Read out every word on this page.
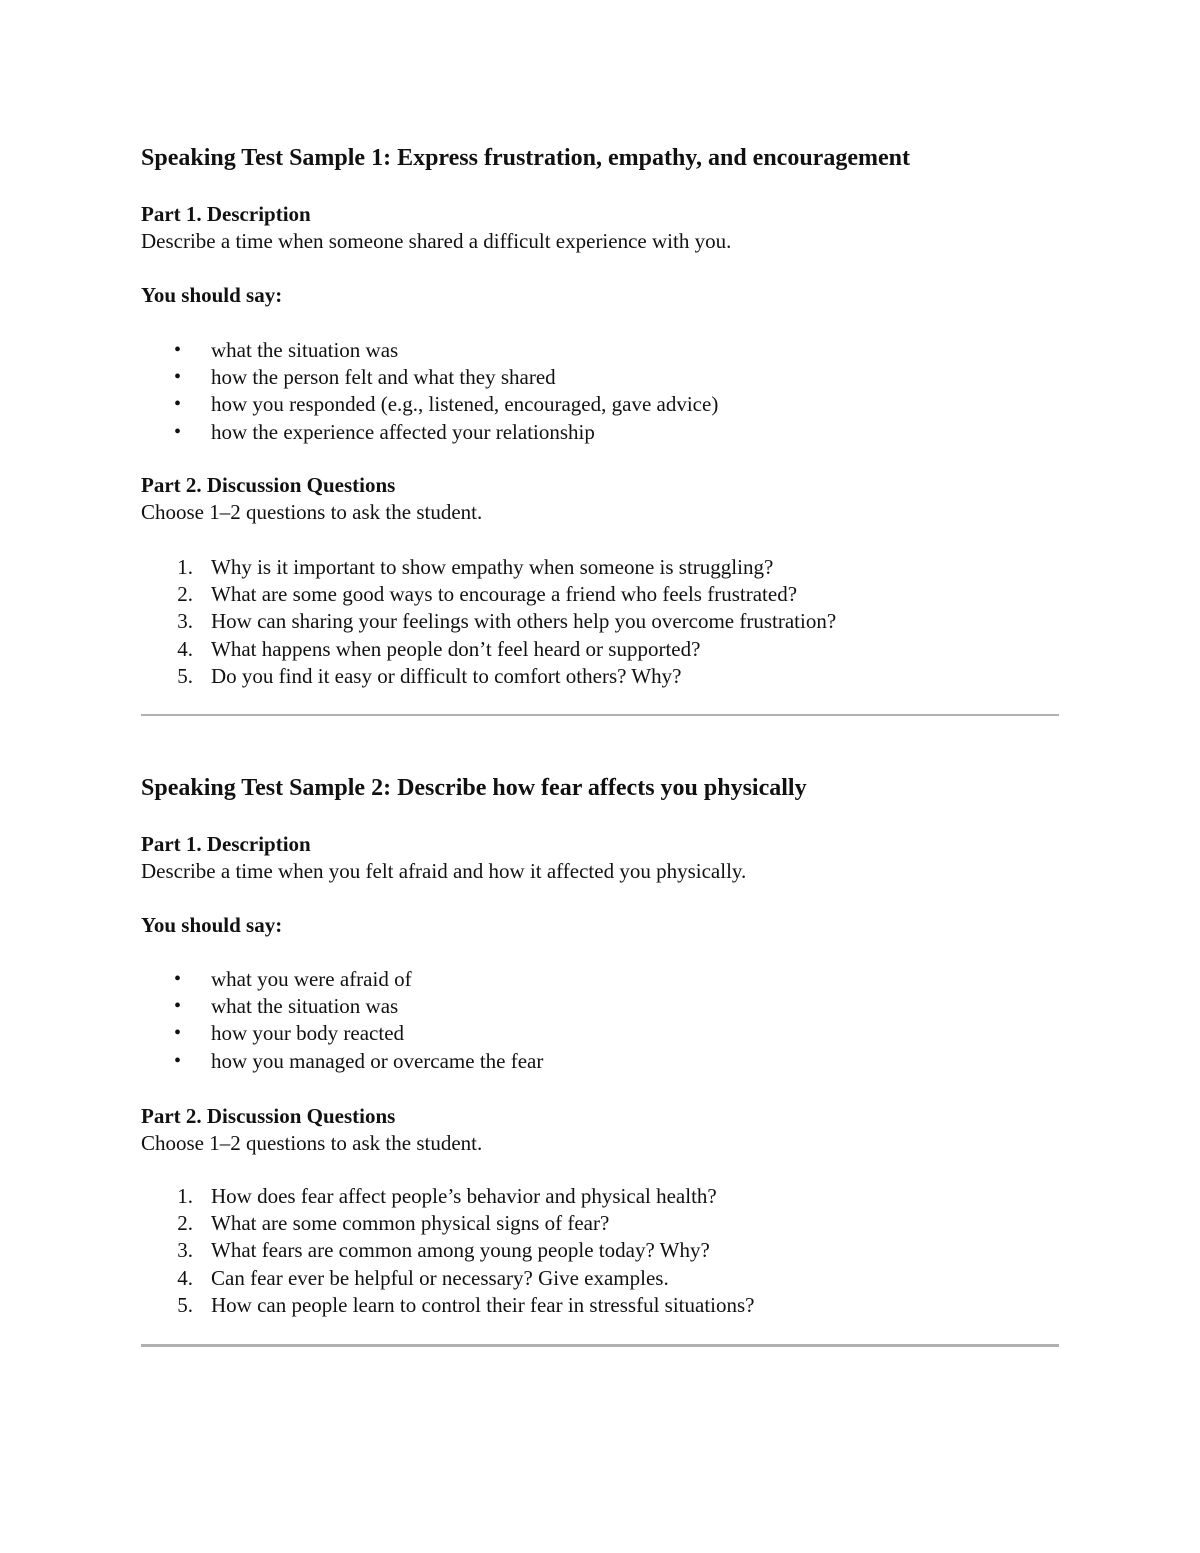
Speaking Test Sample 1: Express frustration, empathy, and encouragement
Part 1. Description
Describe a time when someone shared a difficult experience with you.
You should say:
• what the situation was
• how the person felt and what they shared
• how you responded (e.g., listened, encouraged, gave advice)
• how the experience affected your relationship
Part 2. Discussion Questions
Choose 1–2 questions to ask the student.
1. Why is it important to show empathy when someone is struggling?
2. What are some good ways to encourage a friend who feels frustrated?
3. How can sharing your feelings with others help you overcome frustration?
4. What happens when people don’t feel heard or supported?
5. Do you find it easy or difficult to comfort others? Why?
Speaking Test Sample 2: Describe how fear affects you physically
Part 1. Description
Describe a time when you felt afraid and how it affected you physically.
You should say:
• what you were afraid of
• what the situation was
• how your body reacted
• how you managed or overcame the fear
Part 2. Discussion Questions
Choose 1–2 questions to ask the student.
1. How does fear affect people’s behavior and physical health?
2. What are some common physical signs of fear?
3. What fears are common among young people today? Why?
4. Can fear ever be helpful or necessary? Give examples.
5. How can people learn to control their fear in stressful situations?
